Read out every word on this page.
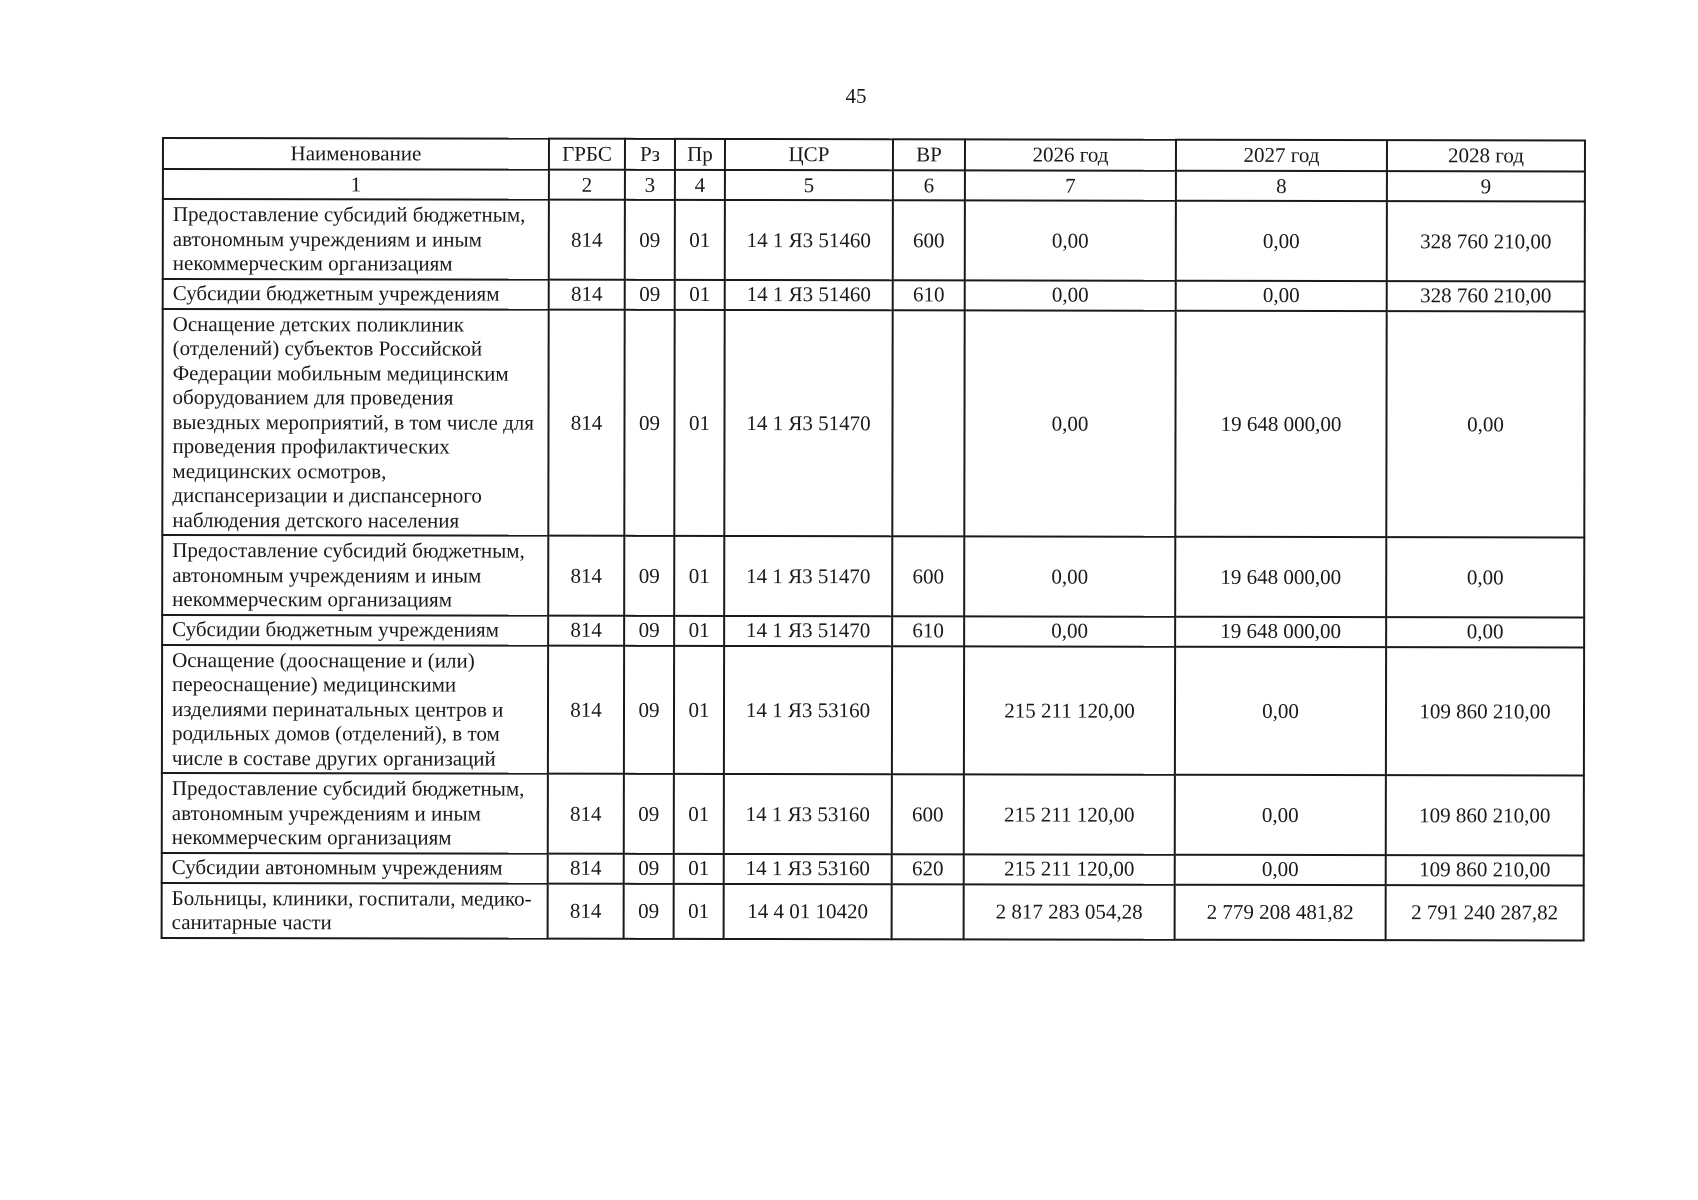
45
Наименование	ГРБС	Рз	Пр	ЦСР	ВР	2026 год	2027 год	2028 год
1	2	3	4	5	6	7	8	9
Предоставление субсидий бюджетным, автономным учреждениям и иным некоммерческим организациям	814	09	01	14 1 Я3 51460	600	0,00	0,00	328 760 210,00
Субсидии бюджетным учреждениям	814	09	01	14 1 Я3 51460	610	0,00	0,00	328 760 210,00
Оснащение детских поликлиник (отделений) субъектов Российской Федерации мобильным медицинским оборудованием для проведения выездных мероприятий, в том числе для проведения профилактических медицинских осмотров, диспансеризации и диспансерного наблюдения детского населения	814	09	01	14 1 Я3 51470		0,00	19 648 000,00	0,00
Предоставление субсидий бюджетным, автономным учреждениям и иным некоммерческим организациям	814	09	01	14 1 Я3 51470	600	0,00	19 648 000,00	0,00
Субсидии бюджетным учреждениям	814	09	01	14 1 Я3 51470	610	0,00	19 648 000,00	0,00
Оснащение (дооснащение и (или) переоснащение) медицинскими изделиями перинатальных центров и родильных домов (отделений), в том числе в составе других организаций	814	09	01	14 1 Я3 53160		215 211 120,00	0,00	109 860 210,00
Предоставление субсидий бюджетным, автономным учреждениям и иным некоммерческим организациям	814	09	01	14 1 Я3 53160	600	215 211 120,00	0,00	109 860 210,00
Субсидии автономным учреждениям	814	09	01	14 1 Я3 53160	620	215 211 120,00	0,00	109 860 210,00
Больницы, клиники, госпитали, медико-санитарные части	814	09	01	14 4 01 10420		2 817 283 054,28	2 779 208 481,82	2 791 240 287,82
